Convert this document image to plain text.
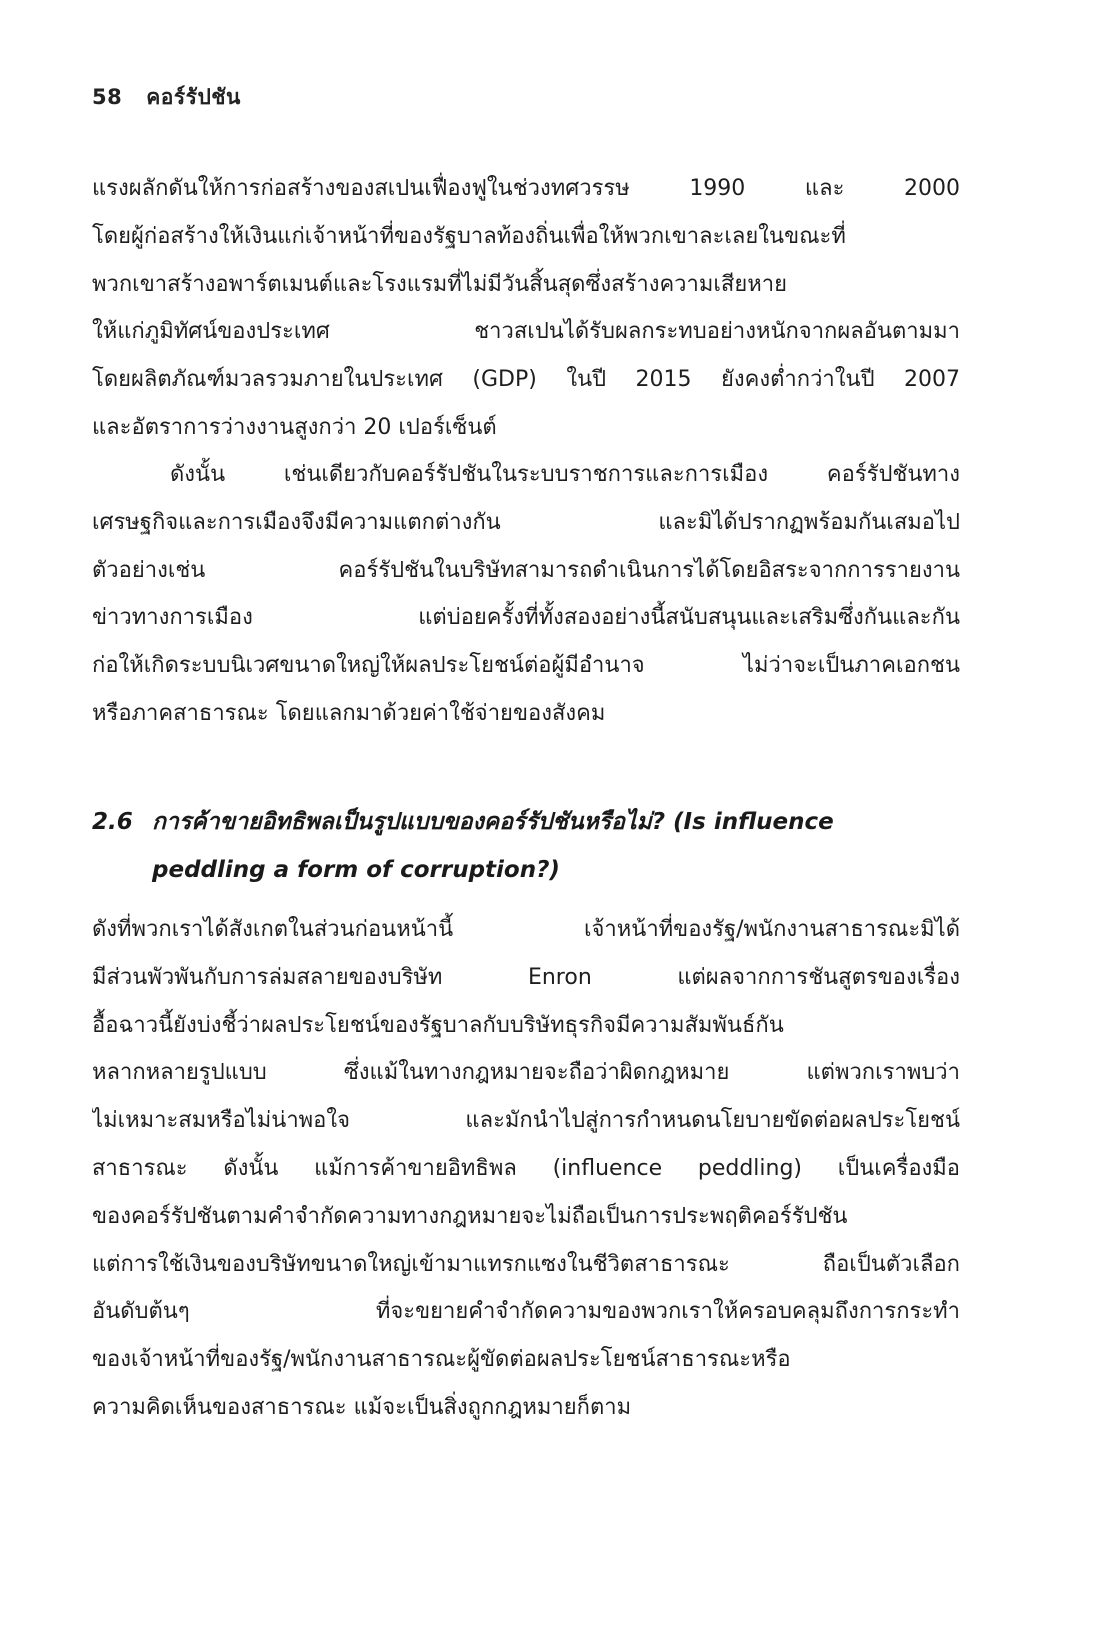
58 คอร์รัปชัน
แรงผลักดันให้การก่อสร้างของสเปนเฟื่องฟูในช่วงทศวรรษ 1990 และ 2000
โดยผู้ก่อสร้างให้เงินแก่เจ้าหน้าที่ของรัฐบาลท้องถิ่นเพื่อให้พวกเขาละเลยในขณะที่
พวกเขาสร้างอพาร์ตเมนต์และโรงแรมที่ไม่มีวันสิ้นสุดซึ่งสร้างความเสียหาย
ให้แก่ภูมิทัศน์ของประเทศ ชาวสเปนได้รับผลกระทบอย่างหนักจากผลอันตามมา
โดยผลิตภัณฑ์มวลรวมภายในประเทศ (GDP) ในปี 2015 ยังคงต่ำกว่าในปี 2007
และอัตราการว่างงานสูงกว่า 20 เปอร์เซ็นต์
ดังนั้น เช่นเดียวกับคอร์รัปชันในระบบราชการและการเมือง คอร์รัปชันทาง
เศรษฐกิจและการเมืองจึงมีความแตกต่างกัน และมิได้ปรากฏพร้อมกันเสมอไป
ตัวอย่างเช่น คอร์รัปชันในบริษัทสามารถดำเนินการได้โดยอิสระจากการรายงาน
ข่าวทางการเมือง แต่บ่อยครั้งที่ทั้งสองอย่างนี้สนับสนุนและเสริมซึ่งกันและกัน
ก่อให้เกิดระบบนิเวศขนาดใหญ่ให้ผลประโยชน์ต่อผู้มีอำนาจ ไม่ว่าจะเป็นภาคเอกชน
หรือภาคสาธารณะ โดยแลกมาด้วยค่าใช้จ่ายของสังคม
2.6 การค้าขายอิทธิพลเป็นรูปแบบของคอร์รัปชันหรือไม่? (Is influence
peddling a form of corruption?)
ดังที่พวกเราได้สังเกตในส่วนก่อนหน้านี้ เจ้าหน้าที่ของรัฐ/พนักงานสาธารณะมิได้
มีส่วนพัวพันกับการล่มสลายของบริษัท Enron แต่ผลจากการชันสูตรของเรื่อง
อื้อฉาวนี้ยังบ่งชี้ว่าผลประโยชน์ของรัฐบาลกับบริษัทธุรกิจมีความสัมพันธ์กัน
หลากหลายรูปแบบ ซึ่งแม้ในทางกฎหมายจะถือว่าผิดกฎหมาย แต่พวกเราพบว่า
ไม่เหมาะสมหรือไม่น่าพอใจ และมักนำไปสู่การกำหนดนโยบายขัดต่อผลประโยชน์
สาธารณะ ดังนั้น แม้การค้าขายอิทธิพล (influence peddling) เป็นเครื่องมือ
ของคอร์รัปชันตามคำจำกัดความทางกฎหมายจะไม่ถือเป็นการประพฤติคอร์รัปชัน
แต่การใช้เงินของบริษัทขนาดใหญ่เข้ามาแทรกแซงในชีวิตสาธารณะ ถือเป็นตัวเลือก
อันดับต้นๆ ที่จะขยายคำจำกัดความของพวกเราให้ครอบคลุมถึงการกระทำ
ของเจ้าหน้าที่ของรัฐ/พนักงานสาธารณะผู้ขัดต่อผลประโยชน์สาธารณะหรือ
ความคิดเห็นของสาธารณะ แม้จะเป็นสิ่งถูกกฎหมายก็ตาม
